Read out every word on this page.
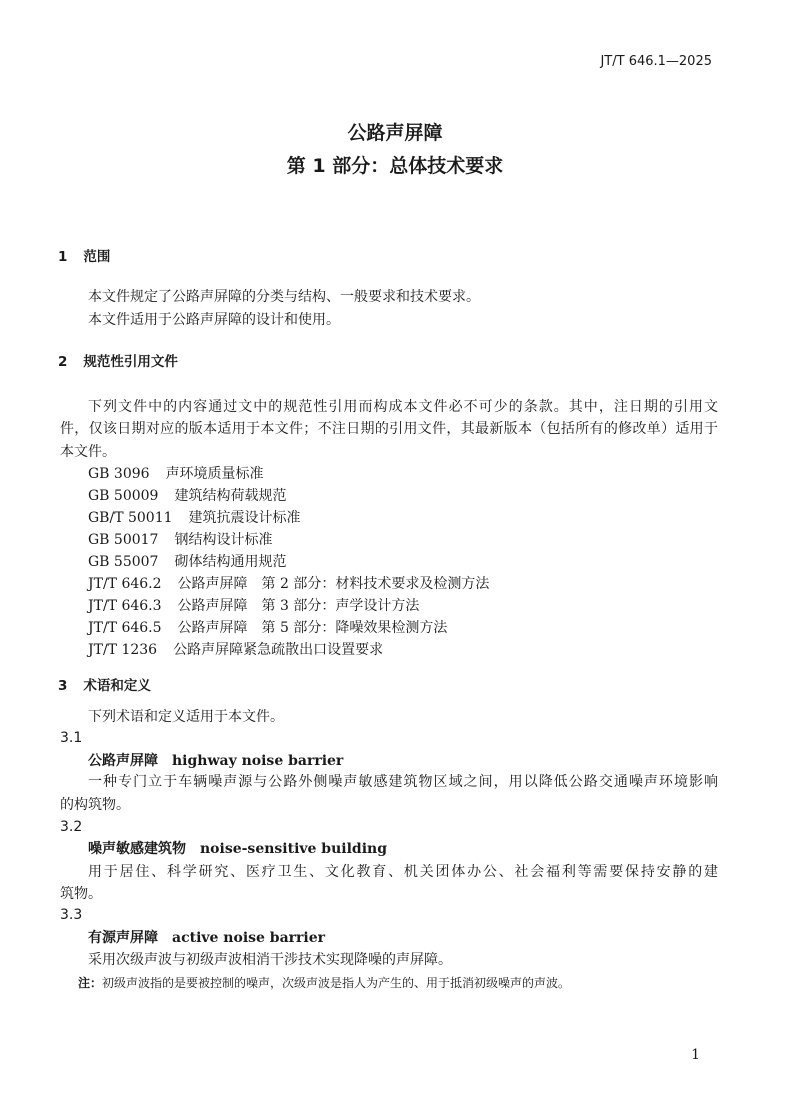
JT/T 646.1—2025
公路声屏障
第 1 部分：总体技术要求
1 范围
本文件规定了公路声屏障的分类与结构、一般要求和技术要求。
本文件适用于公路声屏障的设计和使用。
2 规范性引用文件
下列文件中的内容通过文中的规范性引用而构成本文件必不可少的条款。其中，注日期的引用文
件，仅该日期对应的版本适用于本文件；不注日期的引用文件，其最新版本（包括所有的修改单）适用于
本文件。
GB 3096 声环境质量标准
GB 50009 建筑结构荷载规范
GB/T 50011 建筑抗震设计标准
GB 50017 钢结构设计标准
GB 55007 砌体结构通用规范
JT/T 646.2 公路声屏障　第 2 部分：材料技术要求及检测方法
JT/T 646.3 公路声屏障　第 3 部分：声学设计方法
JT/T 646.5 公路声屏障　第 5 部分：降噪效果检测方法
JT/T 1236 公路声屏障紧急疏散出口设置要求
3 术语和定义
下列术语和定义适用于本文件。
3.1
公路声屏障 highway noise barrier
一种专门立于车辆噪声源与公路外侧噪声敏感建筑物区域之间，用以降低公路交通噪声环境影响
的构筑物。
3.2
噪声敏感建筑物 noise-sensitive building
用于居住、科学研究、医疗卫生、文化教育、机关团体办公、社会福利等需要保持安静的建
筑物。
3.3
有源声屏障 active noise barrier
采用次级声波与初级声波相消干涉技术实现降噪的声屏障。
注：初级声波指的是要被控制的噪声，次级声波是指人为产生的、用于抵消初级噪声的声波。
1
